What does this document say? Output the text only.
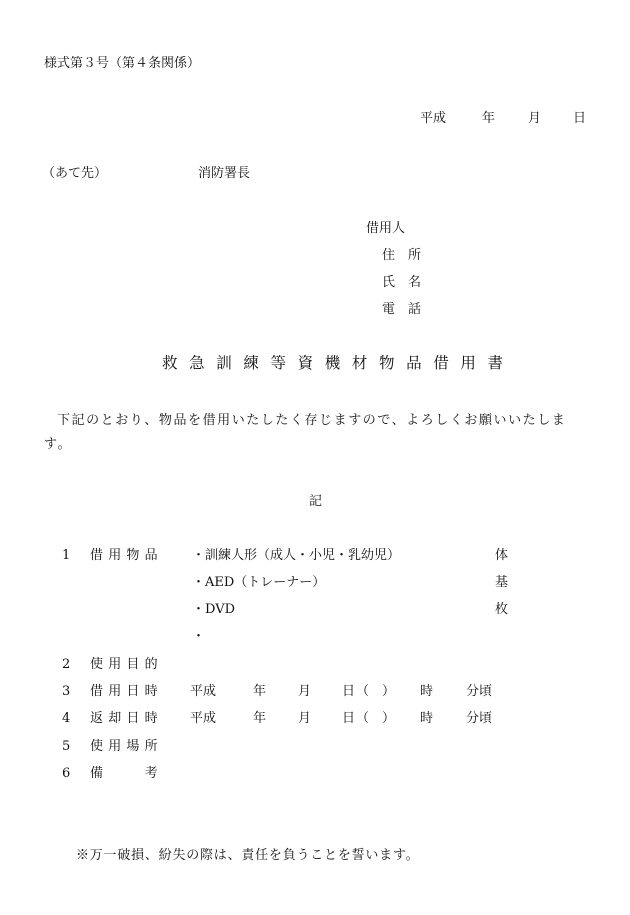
様式第３号（第４条関係）
平成	年	月 日
（あて先）	消防署長
借用人
住　所
氏　名
電　話
救急訓練等資機材物品借用書
下記のとおり、物品を借用いたしたく存じますので、よろしくお願いいたします。
記
1 借用物品 ・訓練人形（成人・小児・乳幼児）	体
・AED（トレーナー）	基
・DVD	枚
・
2 使用目的
3 借用日時 平成	年 月 日 （　） 時	分頃
4 返却日時 平成	年 月 日 （　） 時	分頃
5 使用場所
6 備　　考
※万一破損、紛失の際は、責任を負うことを誓います。
